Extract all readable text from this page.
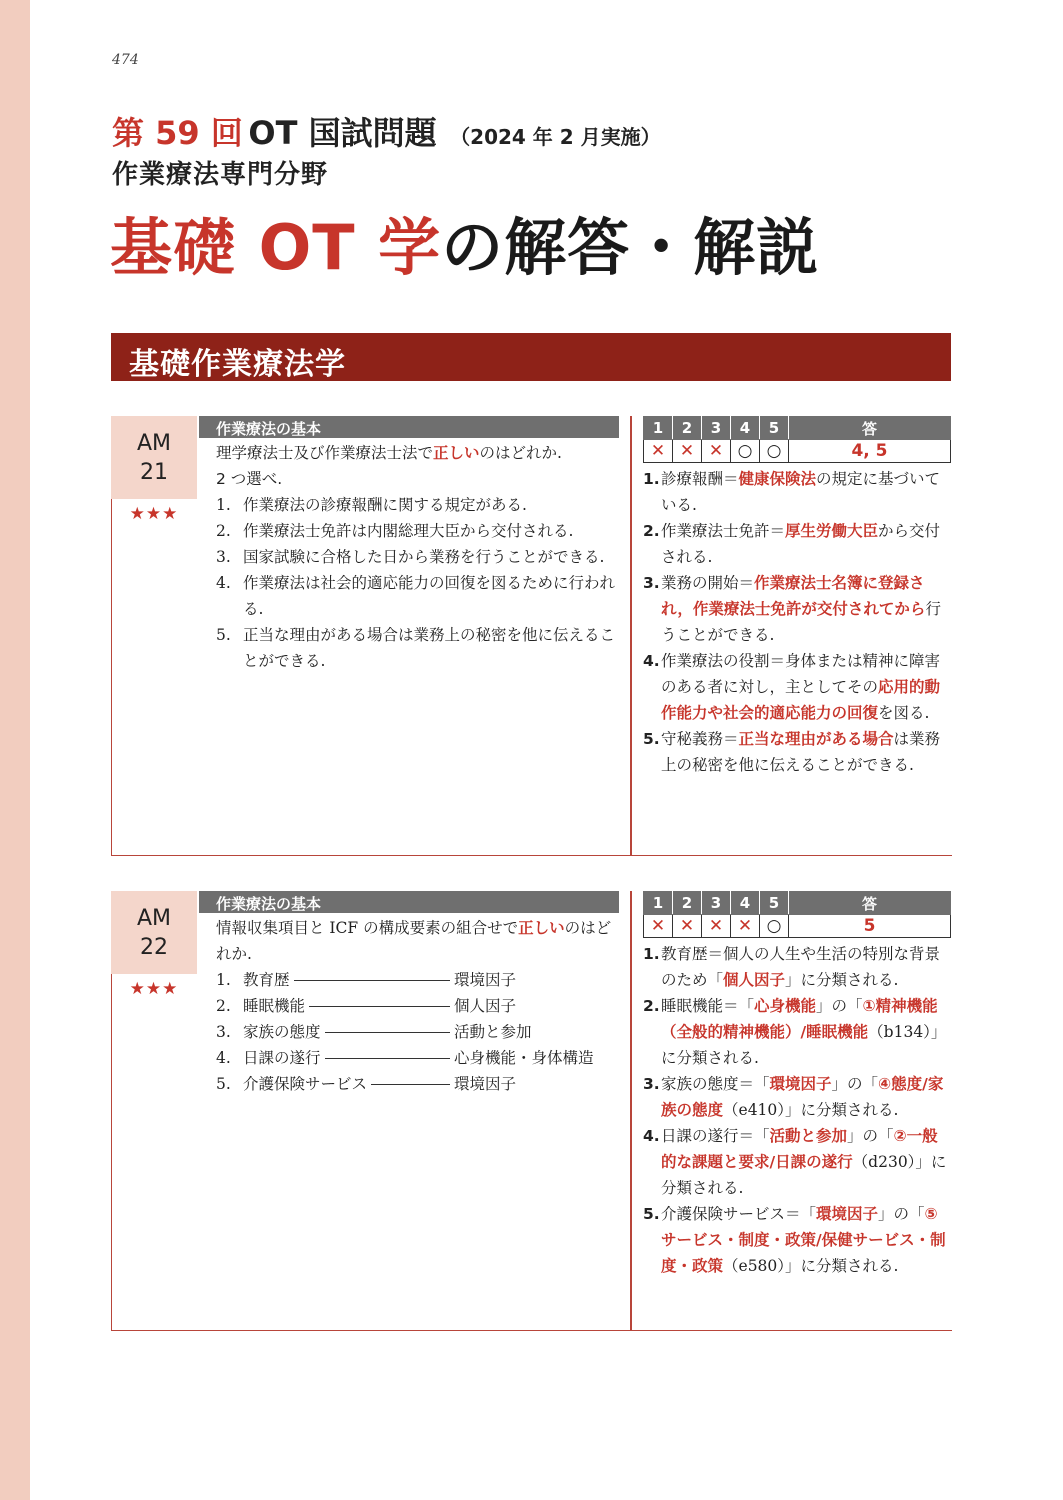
474
第 59 回 OT 国試問題 （2024 年 2 月実施）
作業療法専門分野
基礎 OT 学の解答・解説
基礎作業療法学
AM
21
★★★
作業療法の基本
理学療法士及び作業療法士法で正しいのはどれか.
2 つ選べ.
1. 作業療法の診療報酬に関する規定がある.
2. 作業療法士免許は内閣総理大臣から交付される.
3. 国家試験に合格した日から業務を行うことができる.
4. 作業療法は社会的適応能力の回復を図るために行われる.
5. 正当な理由がある場合は業務上の秘密を他に伝えることができる.
1	2	3	4	5	答
✕	✕	✕	○	○	4, 5
1. 診療報酬＝健康保険法の規定に基づいている.
2. 作業療法士免許＝厚生労働大臣から交付される.
3. 業務の開始＝作業療法士名簿に登録され，作業療法士免許が交付されてから行うことができる.
4. 作業療法の役割＝身体または精神に障害のある者に対し，主としてその応用的動作能力や社会的適応能力の回復を図る.
5. 守秘義務＝正当な理由がある場合は業務上の秘密を他に伝えることができる.
AM
22
★★★
作業療法の基本
情報収集項目と ICF の構成要素の組合せで正しいのはどれか.
1. 教育歴	環境因子
2. 睡眠機能	個人因子
3. 家族の態度	活動と参加
4. 日課の遂行	心身機能・身体構造
5. 介護保険サービス	環境因子
1	2	3	4	5	答
✕	✕	✕	✕	○	5
1. 教育歴＝個人の人生や生活の特別な背景のため「個人因子」に分類される.
2. 睡眠機能＝「心身機能」の「①精神機能（全般的精神機能）/睡眠機能（b134）」に分類される.
3. 家族の態度＝「環境因子」の「④態度/家族の態度（e410）」に分類される.
4. 日課の遂行＝「活動と参加」の「②一般的な課題と要求/日課の遂行（d230）」に分類される.
5. 介護保険サービス＝「環境因子」の「⑤サービス・制度・政策/保健サービス・制度・政策（e580）」に分類される.
